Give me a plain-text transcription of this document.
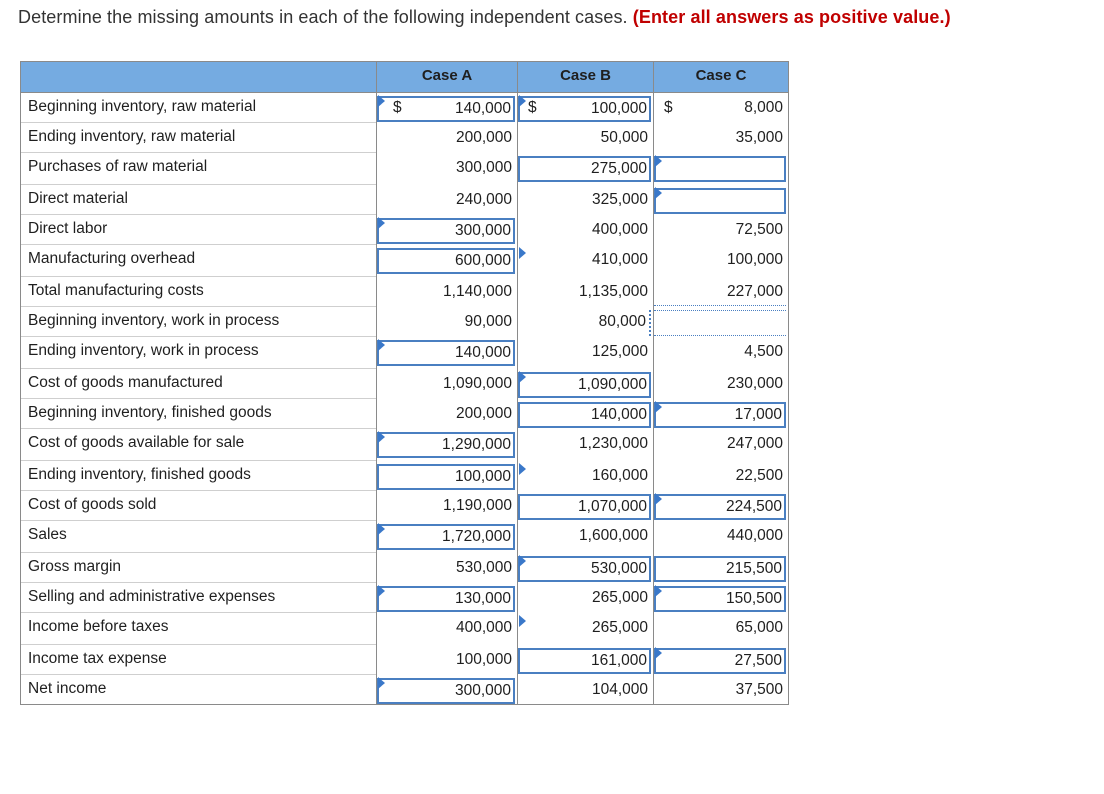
Determine the missing amounts in each of the following independent cases. (Enter all answers as positive value.)
Case A	Case B	Case C
Beginning inventory, raw material	140,000	100,000	8,000
$	$	$
Ending inventory, raw material	200,000	50,000	35,000
Purchases of raw material	300,000	275,000
Direct material	240,000	325,000
Direct labor	300,000	400,000	72,500
Manufacturing overhead	600,000	410,000	100,000
Total manufacturing costs	1,140,000	1,135,000	227,000
Beginning inventory, work in process	90,000	80,000
Ending inventory, work in process	140,000	125,000	4,500
Cost of goods manufactured	1,090,000	1,090,000	230,000
Beginning inventory, finished goods	200,000	140,000	17,000
Cost of goods available for sale	1,290,000	1,230,000	247,000
Ending inventory, finished goods	100,000	160,000	22,500
Cost of goods sold	1,190,000	1,070,000	224,500
Sales	1,720,000	1,600,000	440,000
Gross margin	530,000	530,000	215,500
Selling and administrative expenses	130,000	265,000	150,500
Income before taxes	400,000	265,000	65,000
Income tax expense	100,000	161,000	27,500
Net income	300,000	104,000	37,500
